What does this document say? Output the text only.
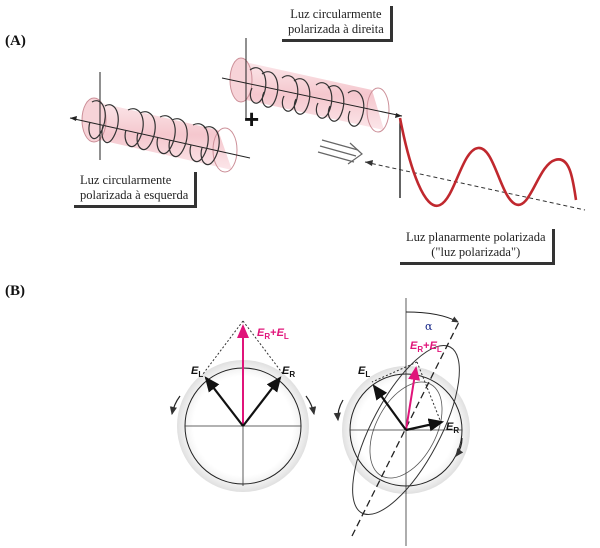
(A)
(B)
+
Luz circularmente
polarizada à direita
Luz circularmente
polarizada à esquerda
Luz planarmente polarizada
("luz polarizada")
$E_R+E_L$
$E_L$	$E_R$
$E_R+E_L$
$E_L$
$E_R$
α
